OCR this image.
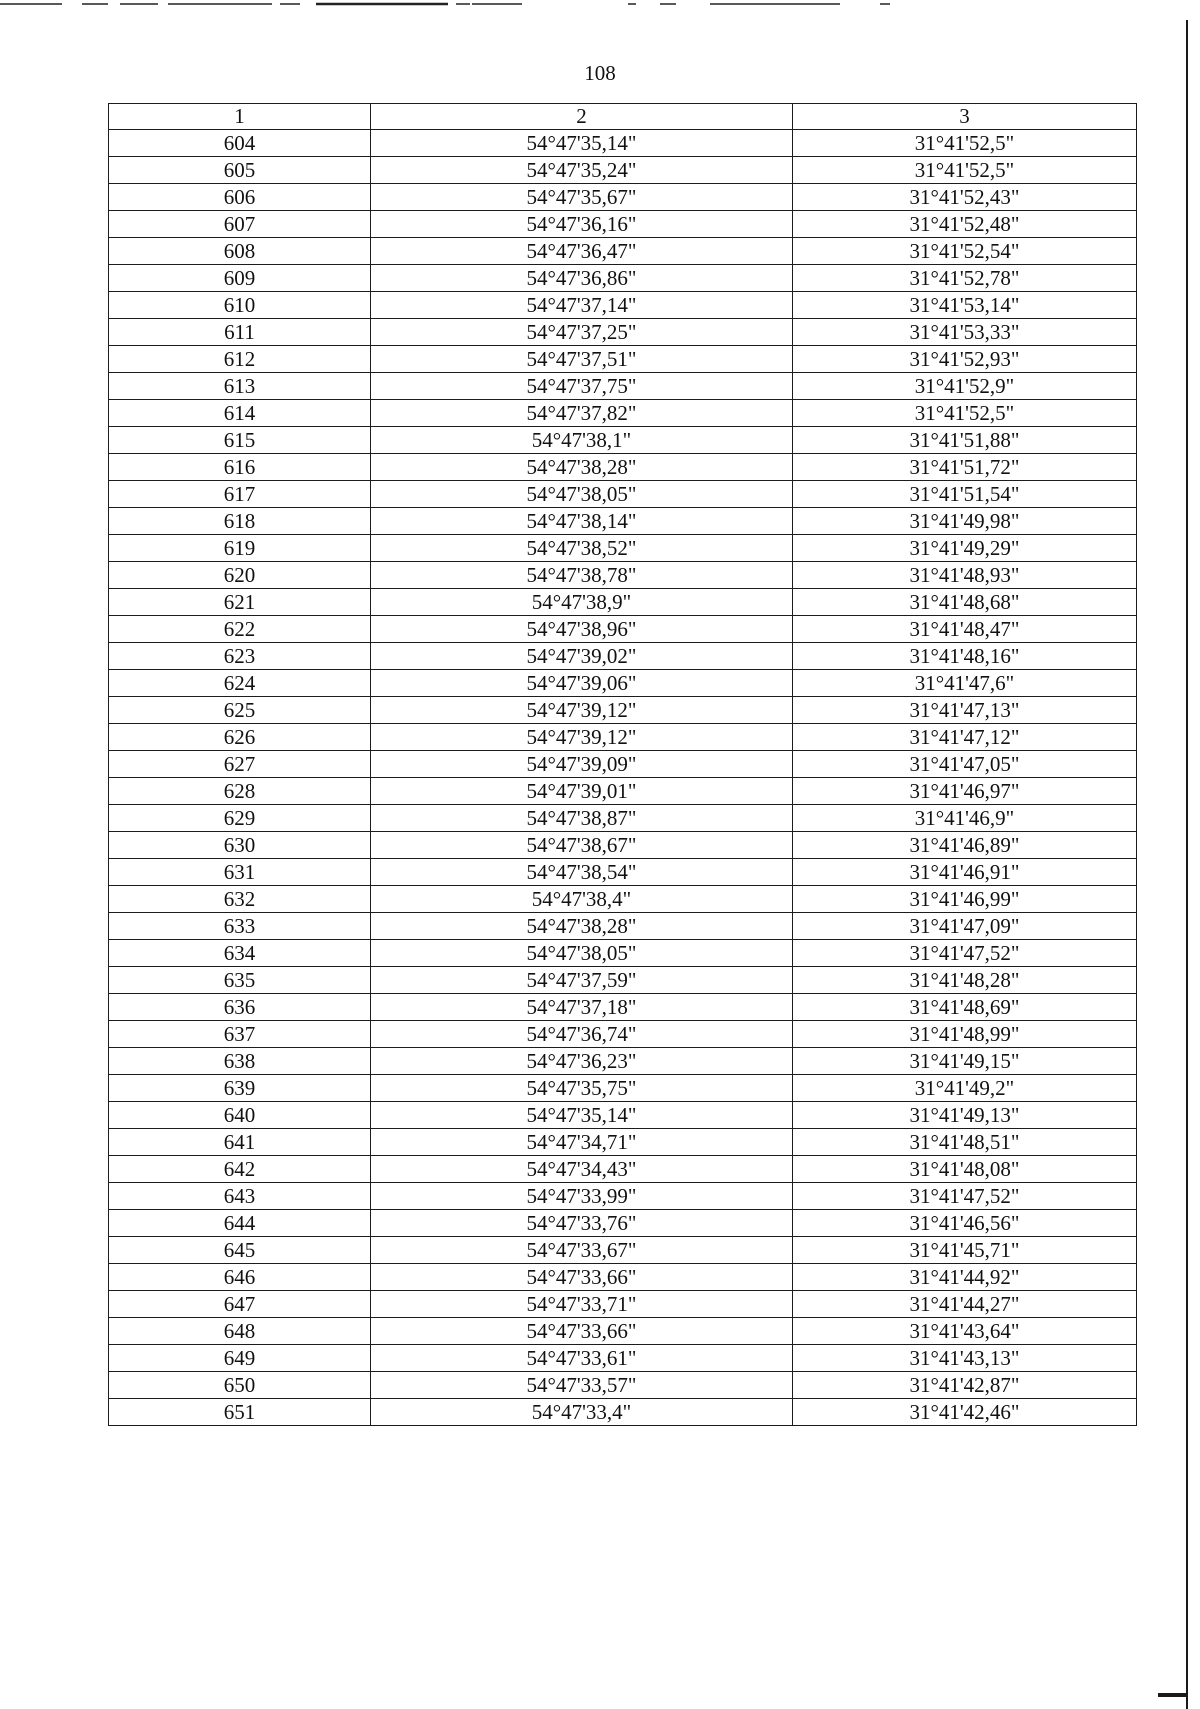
108
1	2	3
604	54°47'35,14"	31°41'52,5"
605	54°47'35,24"	31°41'52,5"
606	54°47'35,67"	31°41'52,43"
607	54°47'36,16"	31°41'52,48"
608	54°47'36,47"	31°41'52,54"
609	54°47'36,86"	31°41'52,78"
610	54°47'37,14"	31°41'53,14"
611	54°47'37,25"	31°41'53,33"
612	54°47'37,51"	31°41'52,93"
613	54°47'37,75"	31°41'52,9"
614	54°47'37,82"	31°41'52,5"
615	54°47'38,1"	31°41'51,88"
616	54°47'38,28"	31°41'51,72"
617	54°47'38,05"	31°41'51,54"
618	54°47'38,14"	31°41'49,98"
619	54°47'38,52"	31°41'49,29"
620	54°47'38,78"	31°41'48,93"
621	54°47'38,9"	31°41'48,68"
622	54°47'38,96"	31°41'48,47"
623	54°47'39,02"	31°41'48,16"
624	54°47'39,06"	31°41'47,6"
625	54°47'39,12"	31°41'47,13"
626	54°47'39,12"	31°41'47,12"
627	54°47'39,09"	31°41'47,05"
628	54°47'39,01"	31°41'46,97"
629	54°47'38,87"	31°41'46,9"
630	54°47'38,67"	31°41'46,89"
631	54°47'38,54"	31°41'46,91"
632	54°47'38,4"	31°41'46,99"
633	54°47'38,28"	31°41'47,09"
634	54°47'38,05"	31°41'47,52"
635	54°47'37,59"	31°41'48,28"
636	54°47'37,18"	31°41'48,69"
637	54°47'36,74"	31°41'48,99"
638	54°47'36,23"	31°41'49,15"
639	54°47'35,75"	31°41'49,2"
640	54°47'35,14"	31°41'49,13"
641	54°47'34,71"	31°41'48,51"
642	54°47'34,43"	31°41'48,08"
643	54°47'33,99"	31°41'47,52"
644	54°47'33,76"	31°41'46,56"
645	54°47'33,67"	31°41'45,71"
646	54°47'33,66"	31°41'44,92"
647	54°47'33,71"	31°41'44,27"
648	54°47'33,66"	31°41'43,64"
649	54°47'33,61"	31°41'43,13"
650	54°47'33,57"	31°41'42,87"
651	54°47'33,4"	31°41'42,46"
